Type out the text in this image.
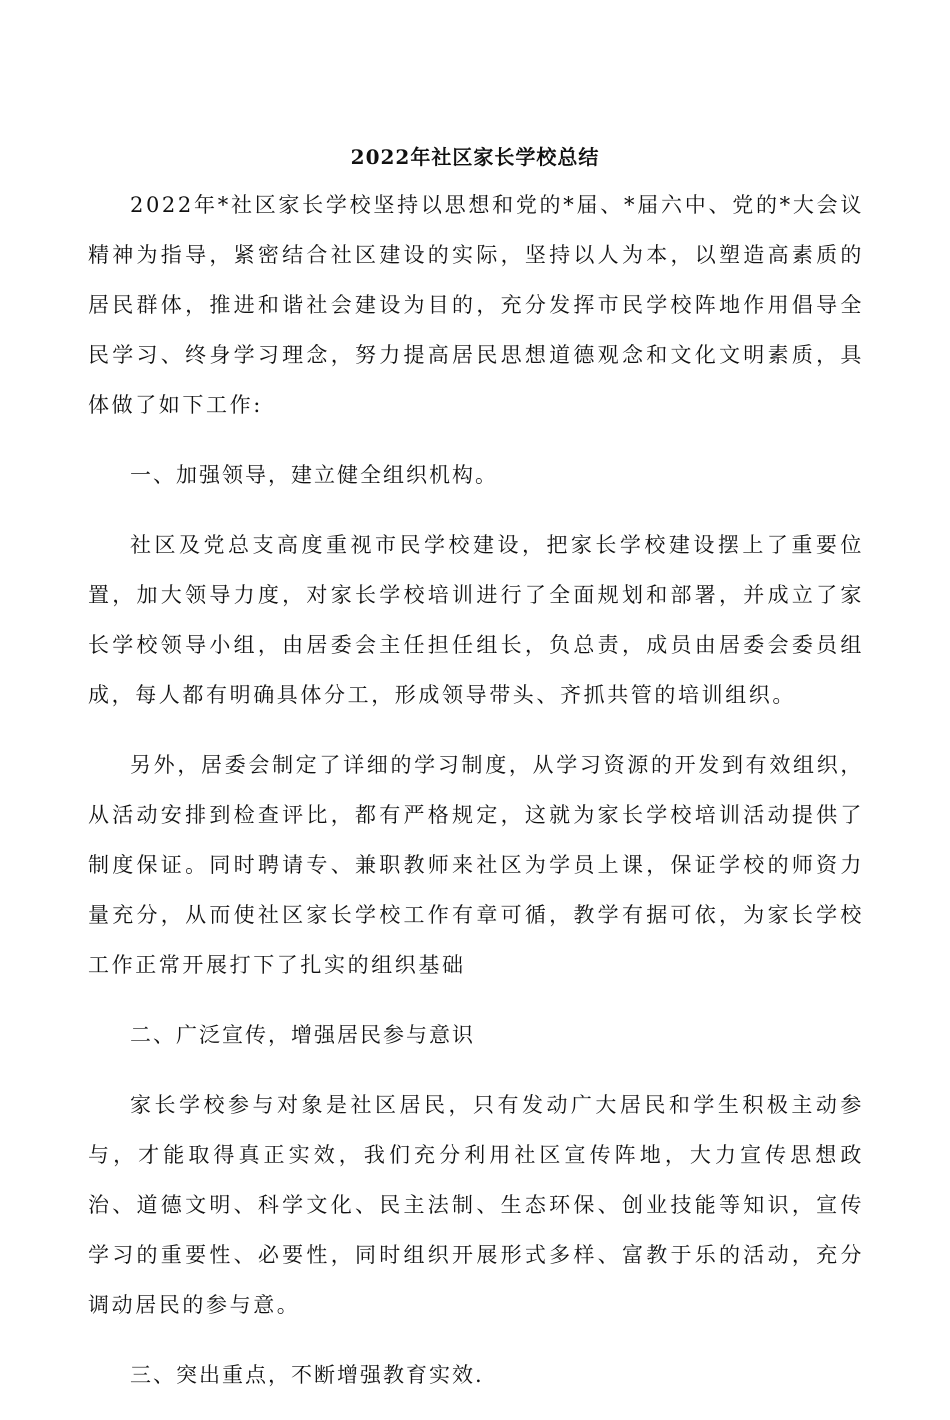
2022年社区家长学校总结

2022年*社区家长学校坚持以思想和党的*届、*届六中、党的*大会议精神为指导，紧密结合社区建设的实际，坚持以人为本，以塑造高素质的居民群体，推进和谐社会建设为目的，充分发挥市民学校阵地作用倡导全民学习、终身学习理念，努力提高居民思想道德观念和文化文明素质，具体做了如下工作:

一、加强领导，建立健全组织机构。

社区及党总支高度重视市民学校建设，把家长学校建设摆上了重要位置，加大领导力度，对家长学校培训进行了全面规划和部署，并成立了家长学校领导小组，由居委会主任担任组长，负总责，成员由居委会委员组成，每人都有明确具体分工，形成领导带头、齐抓共管的培训组织。

另外，居委会制定了详细的学习制度，从学习资源的开发到有效组织，从活动安排到检查评比，都有严格规定，这就为家长学校培训活动提供了制度保证。同时聘请专、兼职教师来社区为学员上课，保证学校的师资力量充分，从而使社区家长学校工作有章可循，教学有据可依，为家长学校工作正常开展打下了扎实的组织基础

二、广泛宣传，增强居民参与意识

家长学校参与对象是社区居民，只有发动广大居民和学生积极主动参与，才能取得真正实效，我们充分利用社区宣传阵地，大力宣传思想政治、道德文明、科学文化、民主法制、生态环保、创业技能等知识，宣传学习的重要性、必要性，同时组织开展形式多样、富教于乐的活动，充分调动居民的参与意。

三、突出重点，不断增强教育实效.
